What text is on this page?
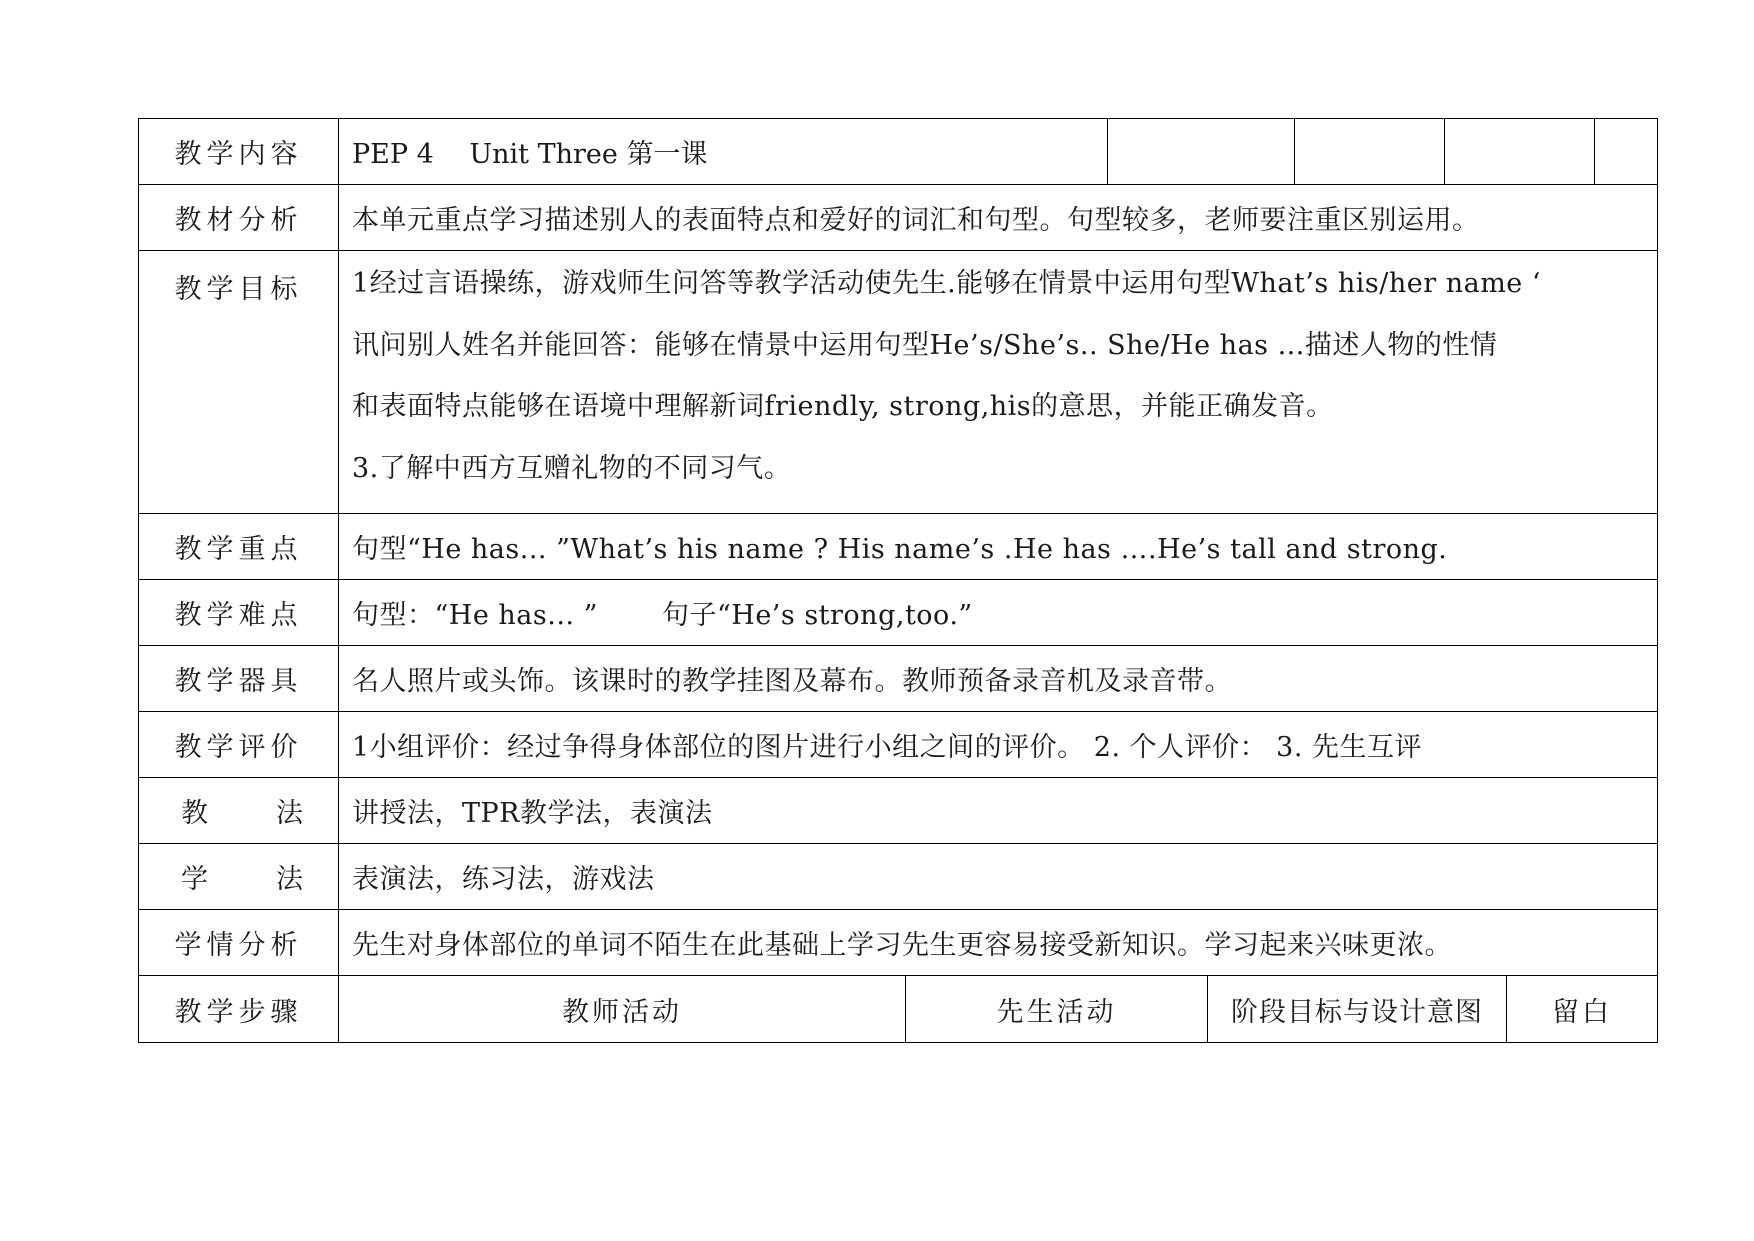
教学内容	PEP 4　 Unit Three 第一课
教材分析	本单元重点学习描述别人的表面特点和爱好的词汇和句型。句型较多，老师要注重区别运用。
教学目标	1经过言语操练，游戏师生问答等教学活动使先生.能够在情景中运用句型What’s his/her name ‘
讯问别人姓名并能回答：能够在情景中运用句型He’s/She’s.. She/He has ...描述人物的性情
和表面特点能够在语境中理解新词friendly, strong,his的意思，并能正确发音。
3.了解中西方互赠礼物的不同习气。
教学重点	句型“He has... ”What’s his name ? His name’s .He has ….He’s tall and strong.
教学难点	句型：“He has... ”　　 句子“He’s strong,too.”
教学器具	名人照片或头饰。该课时的教学挂图及幕布。教师预备录音机及录音带。
教学评价	1小组评价：经过争得身体部位的图片进行小组之间的评价。 2. 个人评价： 3. 先生互评
教	法	讲授法，TPR教学法，表演法
学	法	表演法，练习法，游戏法
学情分析	先生对身体部位的单词不陌生在此基础上学习先生更容易接受新知识。学习起来兴味更浓。
教学步骤	教师活动	先生活动	阶段目标与设计意图	留白
